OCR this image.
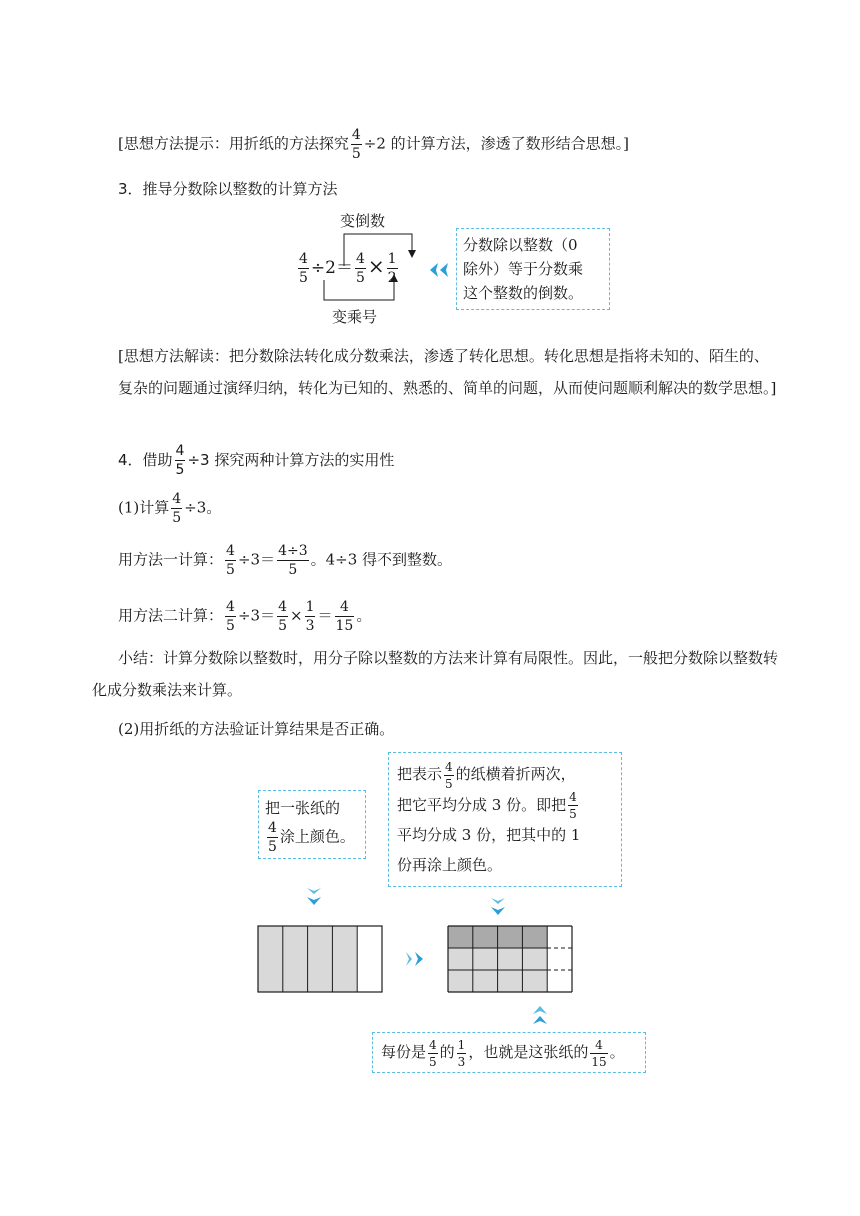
[思想方法提示：用折纸的方法探究 $\frac{4}{5} \div 2$ 的计算方法，渗透了数形结合思想。]
3．推导分数除以整数的计算方法
变倒数
变乘号
$\frac{4}{5} \div 2= \frac{4}{5} \times \frac{1}{2}$
分数除以整数（0
除外）等于分数乘
这个整数的倒数。
[思想方法解读：把分数除法转化成分数乘法，渗透了转化思想。转化思想是指将未知的、陌生的、复杂的问题通过演绎归纳，转化为已知的、熟悉的、简单的问题，从而使问题顺利解决的数学思想。]
4．借助 $\frac{4}{5} \div 3$ 探究两种计算方法的实用性
(1)计算 $\frac{4}{5} \div 3$。
用方法一计算： $\frac{4}{5} \div 3= \frac{4\div 3}{5}$ 。4÷3 得不到整数。
用方法二计算： $\frac{4}{5} \div 3= \frac{4}{5} \times \frac{1}{3} = \frac{4}{15}$ 。
小结：计算分数除以整数时，用分子除以整数的方法来计算有局限性。因此，一般把分数除以整数转化成分数乘法来计算。
(2)用折纸的方法验证计算结果是否正确。
把一张纸的
$\frac{4}{5}$ 涂上颜色。
把表示 $\frac{4}{5}$ 的纸横着折两次，
把它平均分成 3 份。即把 $\frac{4}{5}$
平均分成 3 份，把其中的 1
份再涂上颜色。
每份是 $\frac{4}{5}$ 的 $\frac{1}{3}$ ，也就是这张纸的 $\frac{4}{15}$ 。
